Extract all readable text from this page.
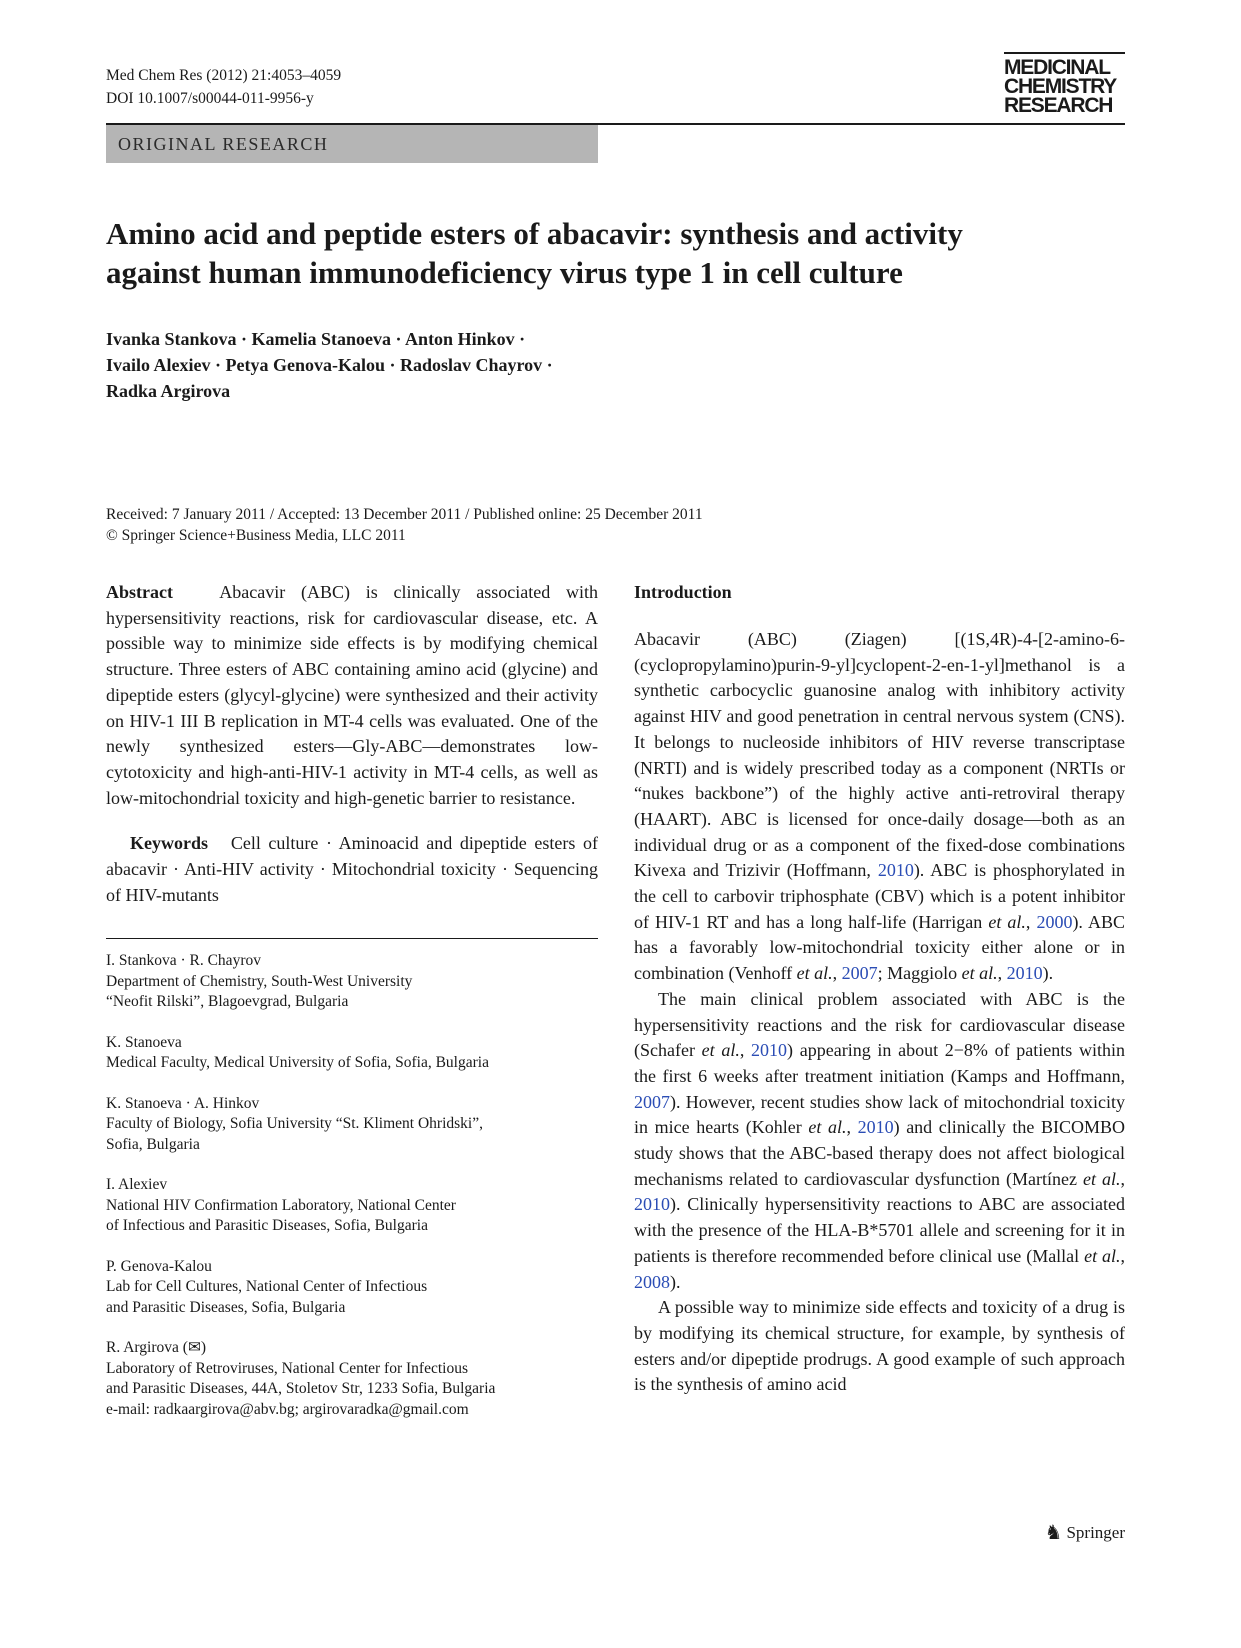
Med Chem Res (2012) 21:4053–4059
DOI 10.1007/s00044-011-9956-y
MEDICINAL
CHEMISTRY
RESEARCH
ORIGINAL RESEARCH
Amino acid and peptide esters of abacavir: synthesis and activity
against human immunodeficiency virus type 1 in cell culture
Ivanka Stankova · Kamelia Stanoeva · Anton Hinkov ·
Ivailo Alexiev · Petya Genova-Kalou · Radoslav Chayrov ·
Radka Argirova
Received: 7 January 2011 / Accepted: 13 December 2011 / Published online: 25 December 2011
© Springer Science+Business Media, LLC 2011

Abstract	Abacavir (ABC) is clinically associated with hypersensitivity reactions, risk for cardiovascular disease, etc. A possible way to minimize side effects is by modifying chemical structure. Three esters of ABC containing amino acid (glycine) and dipeptide esters (glycyl-glycine) were synthesized and their activity on HIV-1 III B replication in MT-4 cells was evaluated. One of the newly synthesized esters—Gly-ABC—demonstrates low-cytotoxicity and high-anti-HIV-1 activity in MT-4 cells, as well as low-mitochondrial toxicity and high-genetic barrier to resistance.

Keywords Cell culture · Aminoacid and dipeptide esters of abacavir · Anti-HIV activity · Mitochondrial toxicity · Sequencing of HIV-mutants

I. Stankova · R. Chayrov
Department of Chemistry, South-West University
“Neofit Rilski”, Blagoevgrad, Bulgaria
K. Stanoeva
Medical Faculty, Medical University of Sofia, Sofia, Bulgaria
K. Stanoeva · A. Hinkov
Faculty of Biology, Sofia University “St. Kliment Ohridski”,
Sofia, Bulgaria
I. Alexiev
National HIV Confirmation Laboratory, National Center
of Infectious and Parasitic Diseases, Sofia, Bulgaria
P. Genova-Kalou
Lab for Cell Cultures, National Center of Infectious
and Parasitic Diseases, Sofia, Bulgaria
R. Argirova (✉)
Laboratory of Retroviruses, National Center for Infectious
and Parasitic Diseases, 44A, Stoletov Str, 1233 Sofia, Bulgaria
e-mail: radkaargirova@abv.bg; argirovaradka@gmail.com
Introduction

Abacavir (ABC) (Ziagen) [(1S,4R)-4-[2-amino-6-(cyclopropylamino)purin-9-yl]cyclopent-2-en-1-yl]methanol is a synthetic carbocyclic guanosine analog with inhibitory activity against HIV and good penetration in central nervous system (CNS). It belongs to nucleoside inhibitors of HIV reverse transcriptase (NRTI) and is widely prescribed today as a component (NRTIs or “nukes backbone”) of the highly active anti-retroviral therapy (HAART). ABC is licensed for once-daily dosage—both as an individual drug or as a component of the fixed-dose combinations Kivexa and Trizivir (Hoffmann, 2010). ABC is phosphorylated in the cell to carbovir triphosphate (CBV) which is a potent inhibitor of HIV-1 RT and has a long half-life (Harrigan et al., 2000). ABC has a favorably low-mitochondrial toxicity either alone or in combination (Venhoff et al., 2007; Maggiolo et al., 2010).

The main clinical problem associated with ABC is the hypersensitivity reactions and the risk for cardiovascular disease (Schafer et al., 2010) appearing in about 2−8% of patients within the first 6 weeks after treatment initiation (Kamps and Hoffmann, 2007). However, recent studies show lack of mitochondrial toxicity in mice hearts (Kohler et al., 2010) and clinically the BICOMBO study shows that the ABC-based therapy does not affect biological mechanisms related to cardiovascular dysfunction (Martínez et al., 2010). Clinically hypersensitivity reactions to ABC are associated with the presence of the HLA-B*5701 allele and screening for it in patients is therefore recommended before clinical use (Mallal et al., 2008).

A possible way to minimize side effects and toxicity of a drug is by modifying its chemical structure, for example, by synthesis of esters and/or dipeptide prodrugs. A good example of such approach is the synthesis of amino acid

♞ Springer
